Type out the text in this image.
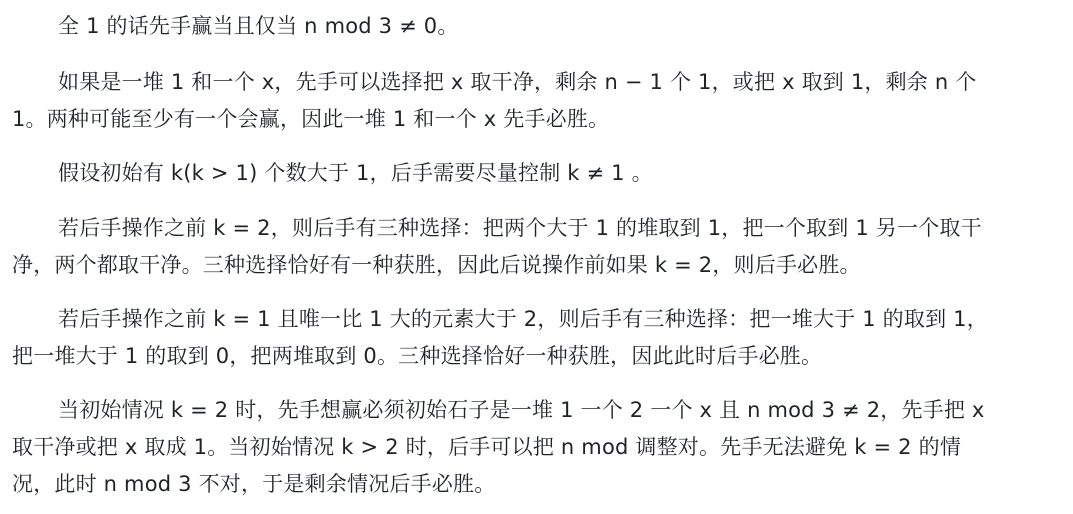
全 1 的话先手赢当且仅当 n mod 3 ≠ 0。
如果是一堆 1 和一个 x，先手可以选择把 x 取干净，剩余 n − 1 个 1，或把 x 取到 1，剩余 n 个
1。两种可能至少有一个会赢，因此一堆 1 和一个 x 先手必胜。
假设初始有 k(k > 1) 个数大于 1，后手需要尽量控制 k ≠ 1 。
若后手操作之前 k = 2，则后手有三种选择：把两个大于 1 的堆取到 1，把一个取到 1 另一个取干
净，两个都取干净。三种选择恰好有一种获胜，因此后说操作前如果 k = 2，则后手必胜。
若后手操作之前 k = 1 且唯一比 1 大的元素大于 2，则后手有三种选择：把一堆大于 1 的取到 1，
把一堆大于 1 的取到 0，把两堆取到 0。三种选择恰好一种获胜，因此此时后手必胜。
当初始情况 k = 2 时，先手想赢必须初始石子是一堆 1 一个 2 一个 x 且 n mod 3 ≠ 2，先手把 x
取干净或把 x 取成 1。当初始情况 k > 2 时，后手可以把 n mod 调整对。先手无法避免 k = 2 的情
况，此时 n mod 3 不对，于是剩余情况后手必胜。
